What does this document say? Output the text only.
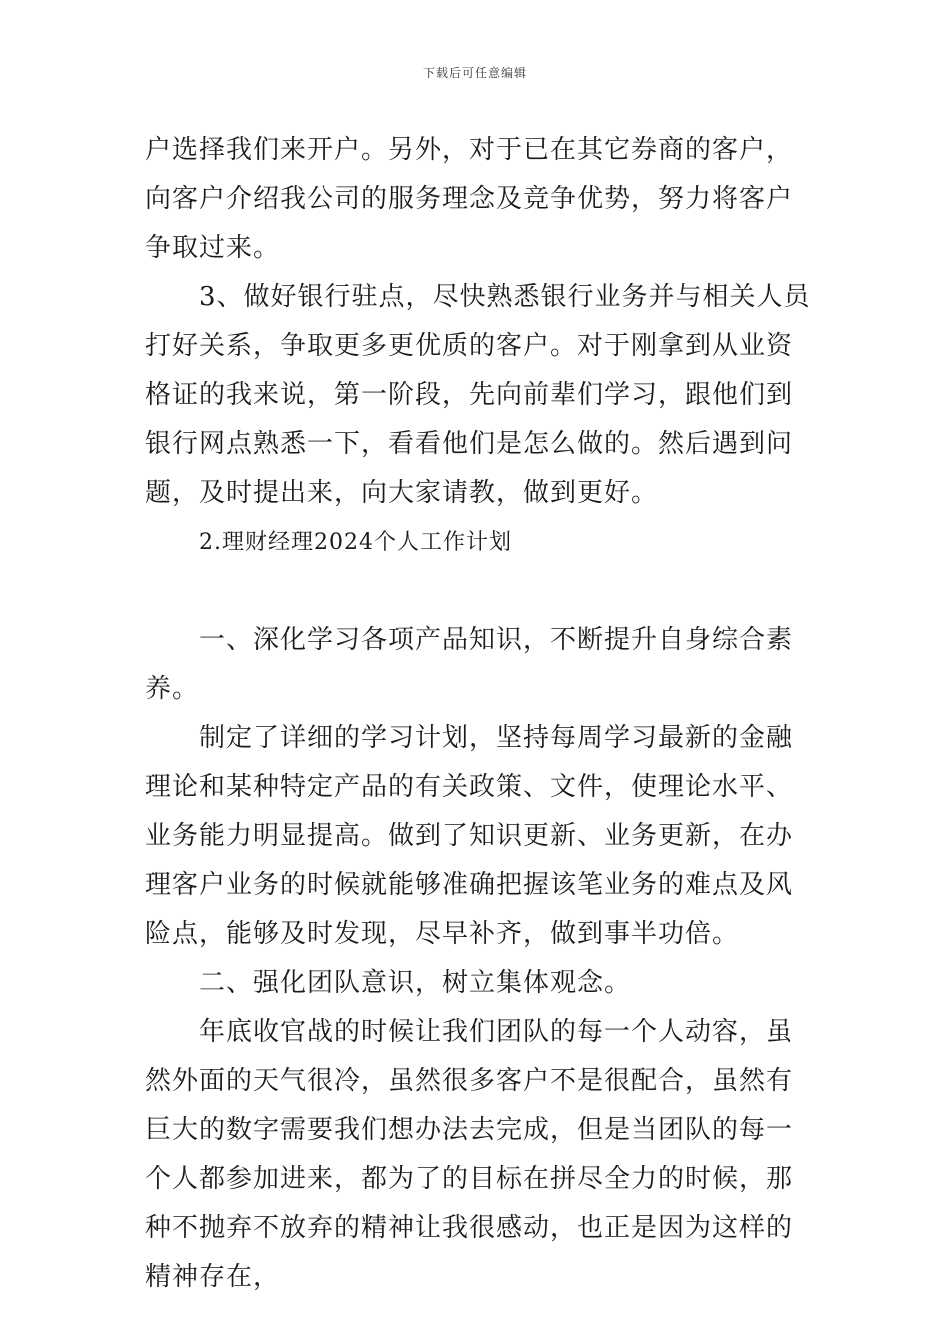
下载后可任意编辑

户选择我们来开户。另外，对于已在其它券商的客户，向客户介绍我公司的服务理念及竞争优势，努力将客户争取过来。

3、做好银行驻点，尽快熟悉银行业务并与相关人员打好关系，争取更多更优质的客户。对于刚拿到从业资格证的我来说，第一阶段，先向前辈们学习，跟他们到银行网点熟悉一下，看看他们是怎么做的。然后遇到问题，及时提出来，向大家请教，做到更好。

2.理财经理2024个人工作计划

一、深化学习各项产品知识，不断提升自身综合素养。

制定了详细的学习计划，坚持每周学习最新的金融理论和某种特定产品的有关政策、文件，使理论水平、业务能力明显提高。做到了知识更新、业务更新，在办理客户业务的时候就能够准确把握该笔业务的难点及风险点，能够及时发现，尽早补齐，做到事半功倍。

二、强化团队意识，树立集体观念。

年底收官战的时候让我们团队的每一个人动容，虽然外面的天气很冷，虽然很多客户不是很配合，虽然有巨大的数字需要我们想办法去完成，但是当团队的每一个人都参加进来，都为了的目标在拼尽全力的时候，那种不抛弃不放弃的精神让我很感动，也正是因为这样的精神存在，
